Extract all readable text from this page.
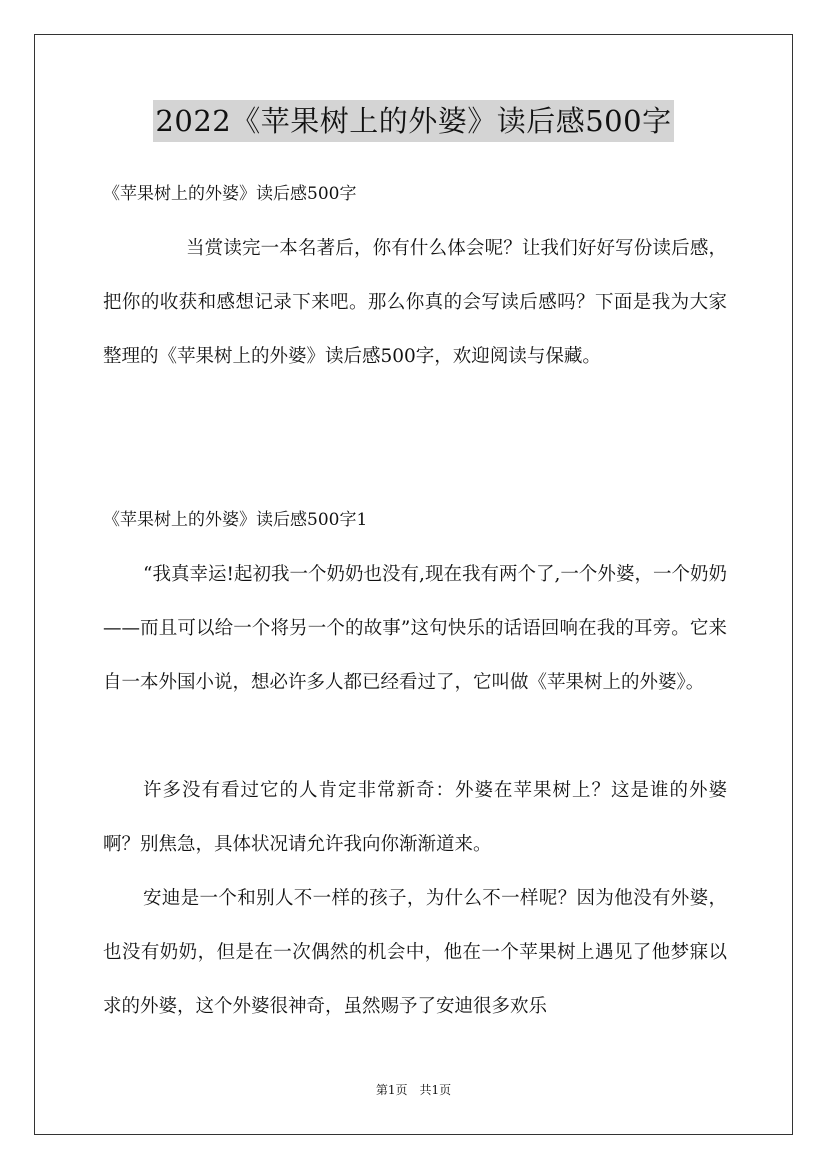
2022《苹果树上的外婆》读后感500字
《苹果树上的外婆》读后感500字

当赏读完一本名著后，你有什么体会呢？让我们好好写份读后感，把你的收获和感想记录下来吧。那么你真的会写读后感吗？下面是我为大家整理的《苹果树上的外婆》读后感500字，欢迎阅读与保藏。

《苹果树上的外婆》读后感500字1

“我真幸运!起初我一个奶奶也没有,现在我有两个了,一个外婆，一个奶奶——而且可以给一个将另一个的故事”这句快乐的话语回响在我的耳旁。它来自一本外国小说，想必许多人都已经看过了，它叫做《苹果树上的外婆》。

许多没有看过它的人肯定非常新奇：外婆在苹果树上？这是谁的外婆啊？别焦急，具体状况请允许我向你渐渐道来。

安迪是一个和别人不一样的孩子，为什么不一样呢？因为他没有外婆，也没有奶奶，但是在一次偶然的机会中，他在一个苹果树上遇见了他梦寐以求的外婆，这个外婆很神奇，虽然赐予了安迪很多欢乐

第1页　共1页
